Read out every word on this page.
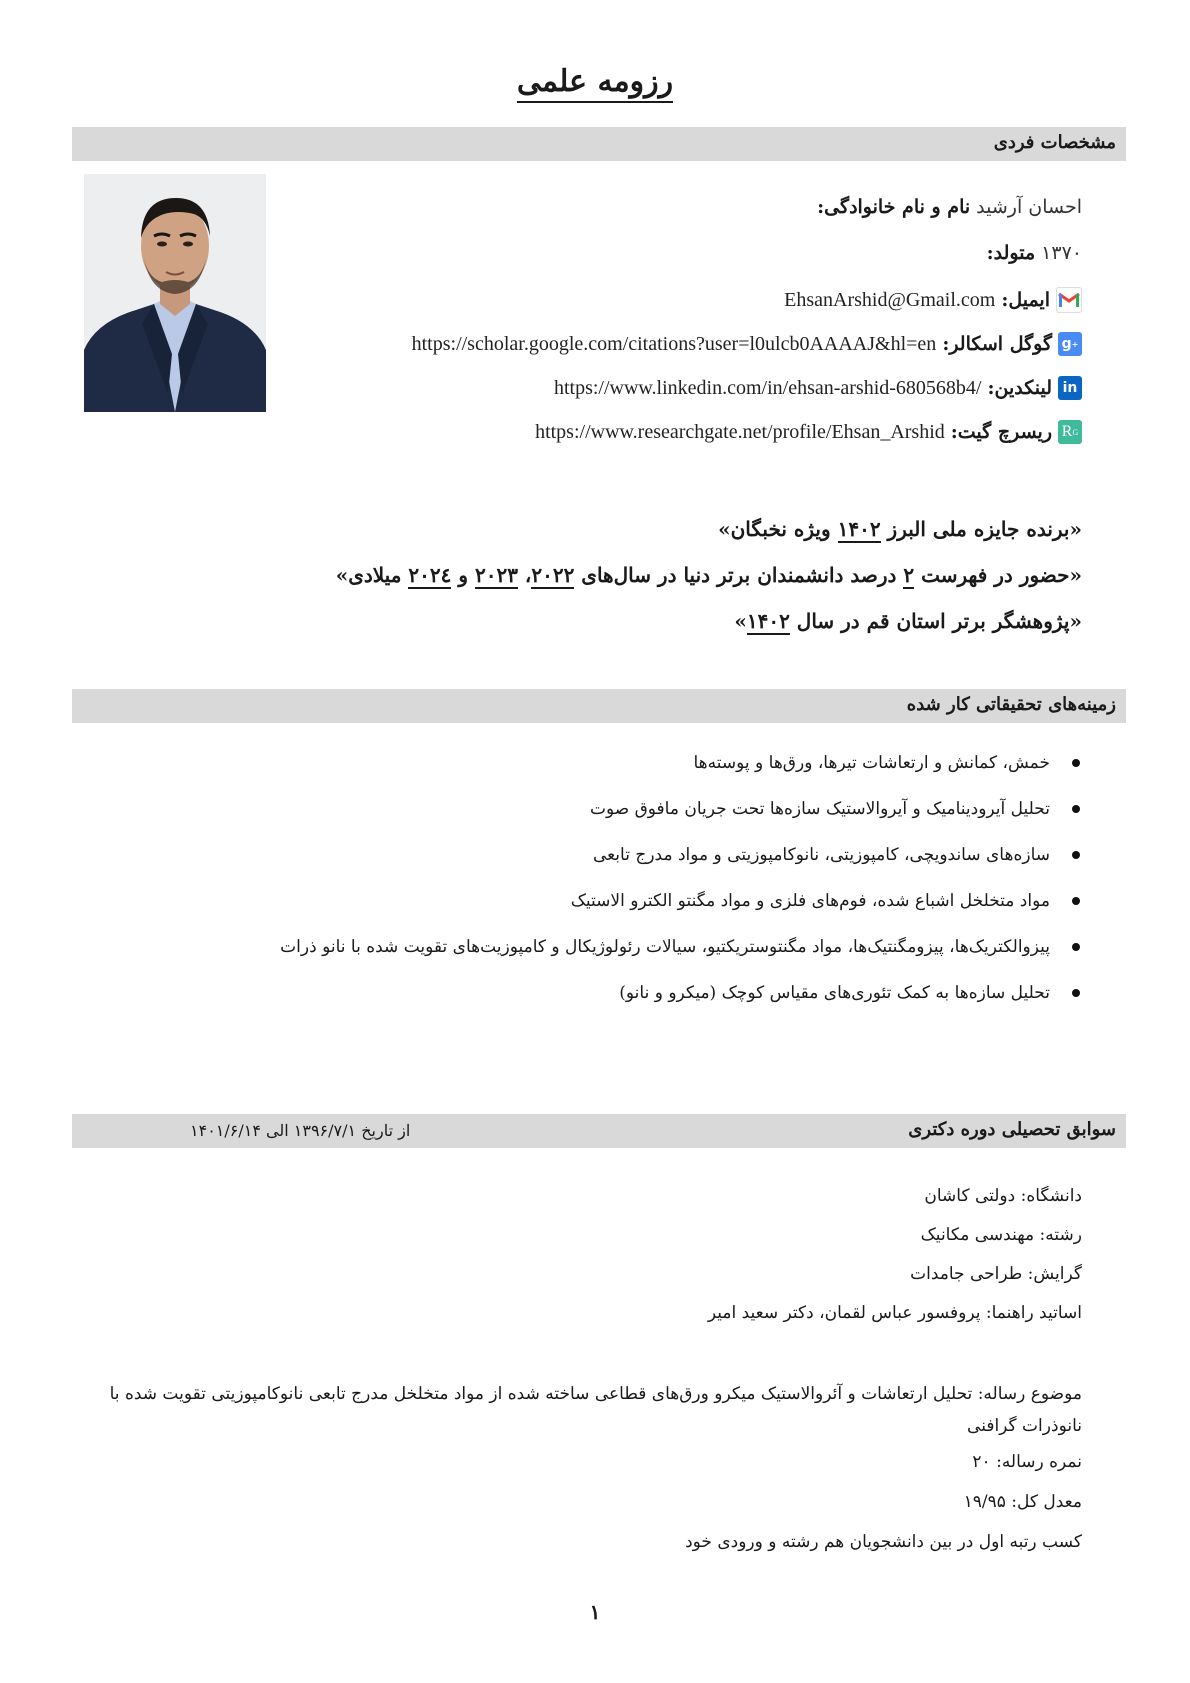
رزومه علمی
مشخصات فردی
نام و نام خانوادگی: احسان آرشید
متولد: ۱۳۷۰
ایمیل:
EhsanArshid@Gmail.com
g +
گوگل اسکالر:
https://scholar.google.com/citations?user=l0ulcb0AAAAJ&hl=en
in
لینکدین:
https://www.linkedin.com/in/ehsan-arshid-680568b4/
R G
ریسرچ گیت:
https://www.researchgate.net/profile/Ehsan_Arshid
«برنده جایزه ملی البرز ۱۴۰۲ ویژه نخبگان»
«حضور در فهرست ۲ درصد دانشمندان برتر دنیا در سال‌های ۲۰۲۲، ۲۰۲۳ و ۲۰۲٤ میلادی»
«پژوهشگر برتر استان قم در سال ۱۴۰۲»
زمینه‌های تحقیقاتی کار شده
خمش، کمانش و ارتعاشات تیرها، ورق‌ها و پوسته‌ها
تحلیل آیرودینامیک و آیروالاستیک سازه‌ها تحت جریان مافوق صوت
سازه‌های ساندویچی، کامپوزیتی، نانوکامپوزیتی و مواد مدرج تابعی
مواد متخلخل اشباع شده، فوم‌های فلزی و مواد مگنتو الکترو الاستیک
پیزوالکتریک‌ها، پیزومگنتیک‌ها، مواد مگنتوستریکتیو، سیالات رئولوژیکال و کامپوزیت‌های تقویت شده با نانو ذرات
تحلیل سازه‌ها به کمک تئوری‌های مقیاس کوچک (میکرو و نانو)
سوابق تحصیلی دوره دکتری
از تاریخ ۱۳۹۶/۷/۱ الی ۱۴۰۱/۶/۱۴
دانشگاه: دولتی کاشان
رشته: مهندسی مکانیک
گرایش: طراحی جامدات
اساتید راهنما: پروفسور عباس لقمان، دکتر سعید امیر
موضوع رساله: تحلیل ارتعاشات و آئروالاستیک میکرو ورق‌های قطاعی ساخته شده از مواد متخلخل مدرج تابعی نانوکامپوزیتی تقویت شده با نانوذرات گرافنی
نمره رساله: ۲۰
معدل کل: ۱۹/۹۵
کسب رتبه اول در بین دانشجویان هم رشته و ورودی خود
۱
